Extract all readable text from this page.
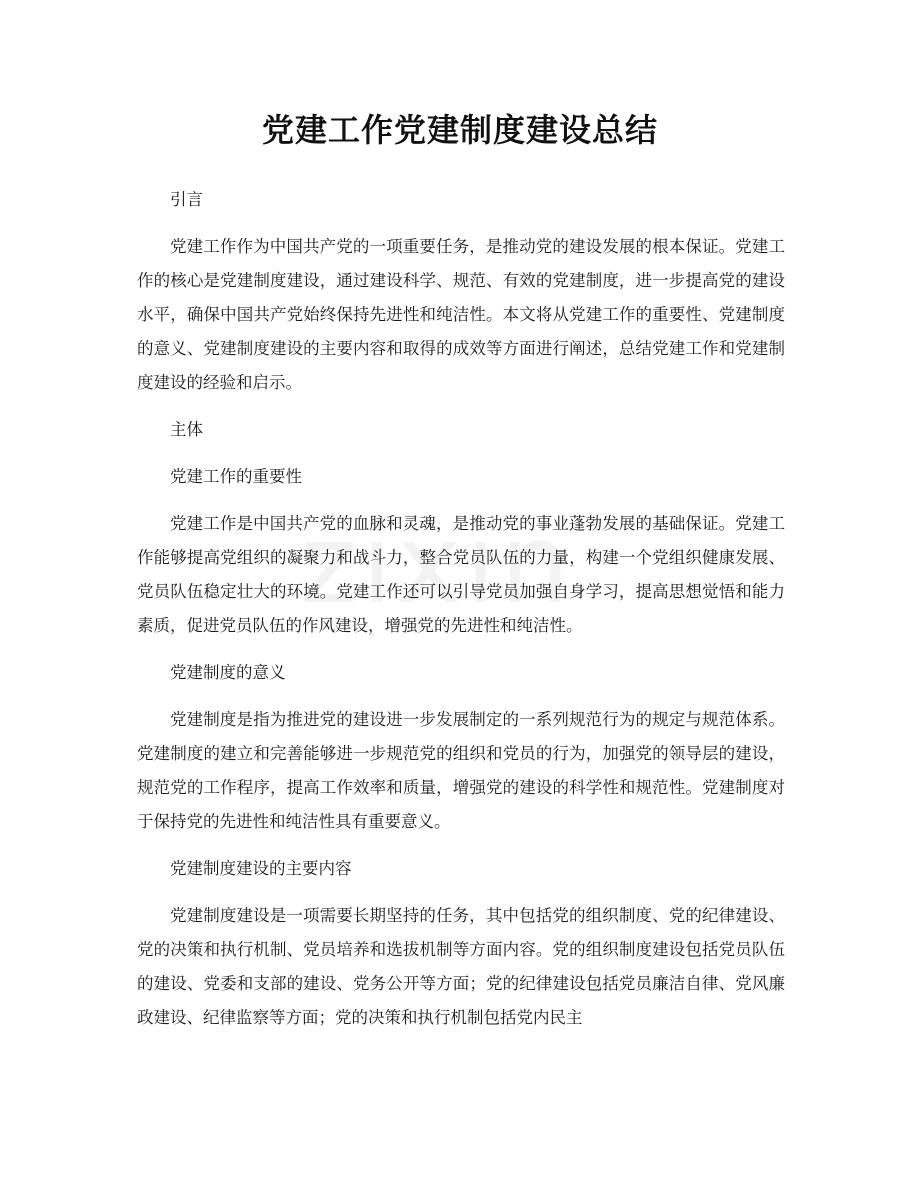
党建工作党建制度建设总结

引言

党建工作作为中国共产党的一项重要任务，是推动党的建设发展的根本保证。党建工作的核心是党建制度建设，通过建设科学、规范、有效的党建制度，进一步提高党的建设水平，确保中国共产党始终保持先进性和纯洁性。本文将从党建工作的重要性、党建制度的意义、党建制度建设的主要内容和取得的成效等方面进行阐述，总结党建工作和党建制度建设的经验和启示。

主体

党建工作的重要性

党建工作是中国共产党的血脉和灵魂，是推动党的事业蓬勃发展的基础保证。党建工作能够提高党组织的凝聚力和战斗力，整合党员队伍的力量，构建一个党组织健康发展、党员队伍稳定壮大的环境。党建工作还可以引导党员加强自身学习，提高思想觉悟和能力素质，促进党员队伍的作风建设，增强党的先进性和纯洁性。

党建制度的意义

党建制度是指为推进党的建设进一步发展制定的一系列规范行为的规定与规范体系。党建制度的建立和完善能够进一步规范党的组织和党员的行为，加强党的领导层的建设，规范党的工作程序，提高工作效率和质量，增强党的建设的科学性和规范性。党建制度对于保持党的先进性和纯洁性具有重要意义。

党建制度建设的主要内容

党建制度建设是一项需要长期坚持的任务，其中包括党的组织制度、党的纪律建设、党的决策和执行机制、党员培养和选拔机制等方面内容。党的组织制度建设包括党员队伍的建设、党委和支部的建设、党务公开等方面；党的纪律建设包括党员廉洁自律、党风廉政建设、纪律监察等方面；党的决策和执行机制包括党内民主
